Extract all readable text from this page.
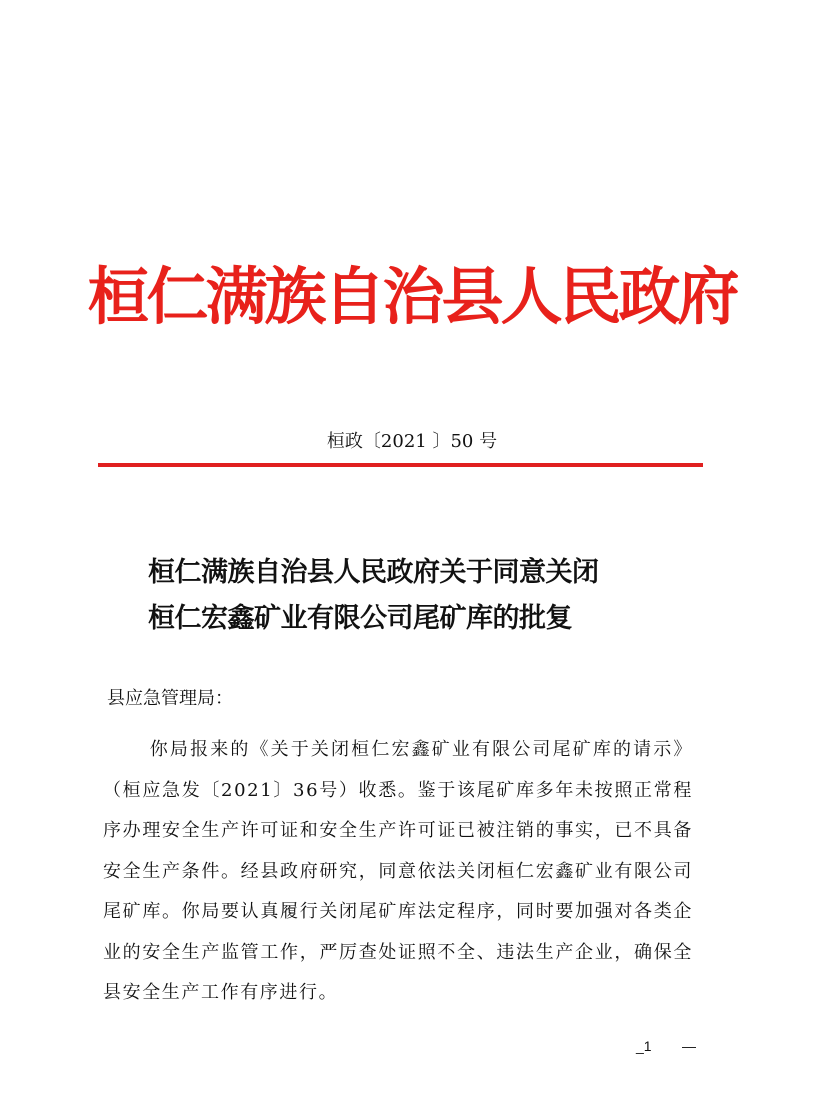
桓仁满族自治县人民政府
桓政〔2021 〕50 号
桓仁满族自治县人民政府关于同意关闭
桓仁宏鑫矿业有限公司尾矿库的批复
县应急管理局：
你局报来的《关于关闭桓仁宏鑫矿业有限公司尾矿库的请示》（桓应急发〔2021〕36号）收悉。鉴于该尾矿库多年未按照正常程序办理安全生产许可证和安全生产许可证已被注销的事实，已不具备安全生产条件。经县政府研究，同意依法关闭桓仁宏鑫矿业有限公司尾矿库。你局要认真履行关闭尾矿库法定程序，同时要加强对各类企业的安全生产监管工作，严厉查处证照不全、违法生产企业，确保全县安全生产工作有序进行。
_1 —
